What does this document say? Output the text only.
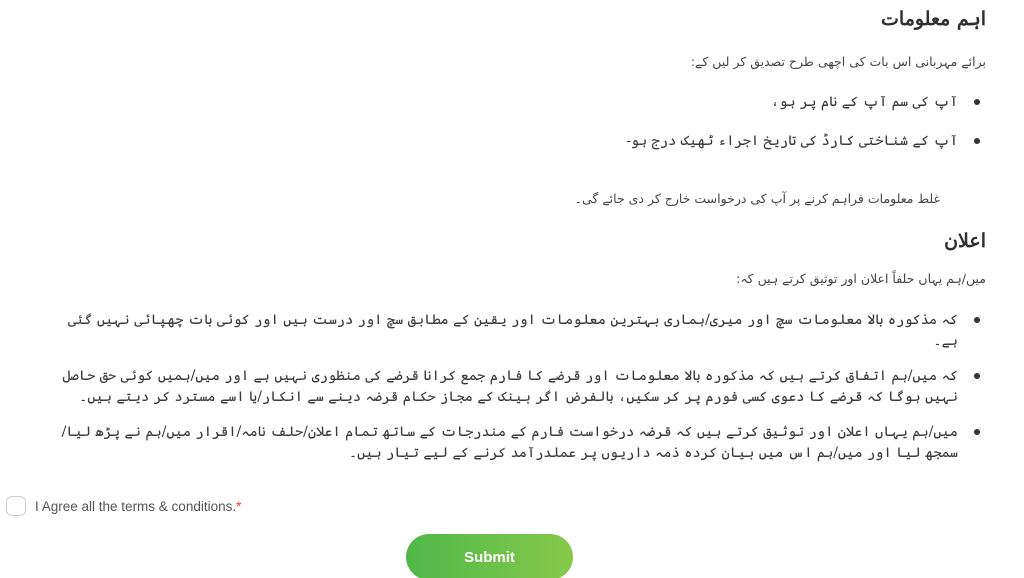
اہم معلومات
برائے مہربانی اس بات کی اچھی طرح تصدیق کر لیں کے:
آپ کی سم آپ کے نام پر ہو،
آپ کے شناختی کارڈ کی تاریخ اجراء ٹھیک درج ہو-
غلط معلومات فراہم کرنے پر آپ کی درخواست خارج کر دی جائے گی۔
اعلان
میں/ہم یہاں حلفاً اعلان اور توثیق کرتے ہیں کہ:
کہ مذکورہ بالا معلومات سچ اور میری/ہماری بہترین معلومات اور یقین کے مطابق سچ اور درست ہیں اور کوئی بات چھپائی نہیں گئی ہے۔
کہ میں/ہم اتفاق کرتے ہیں کہ مذکورہ بالا معلومات اور قرضے کا فارم جمع کرانا قرضے کی منظوری نہیں ہے اور میں/ہمیں کوئی حق حاصل نہیں ہوگا کہ قرضے کا دعوی کسی فورم پر کر سکیں، بالفرض اگر بینک کے مجاز حکام قرضہ دینے سے انکار/یا اسے مسترد کر دیتے ہیں۔
میں/ہم یہاں اعلان اور توثیق کرتے ہیں کہ قرضہ درخواست فارم کے مندرجات کے ساتھ تمام اعلان/حلف نامہ/اقرار میں/ہم نے پڑھ لیا/سمجھ لیا اور میں/ہم اس میں بیان کردہ ذمہ داریوں پر عملدرآمد کرنے کے لیے تیار ہیں۔
I Agree all the terms & conditions.*
Submit
